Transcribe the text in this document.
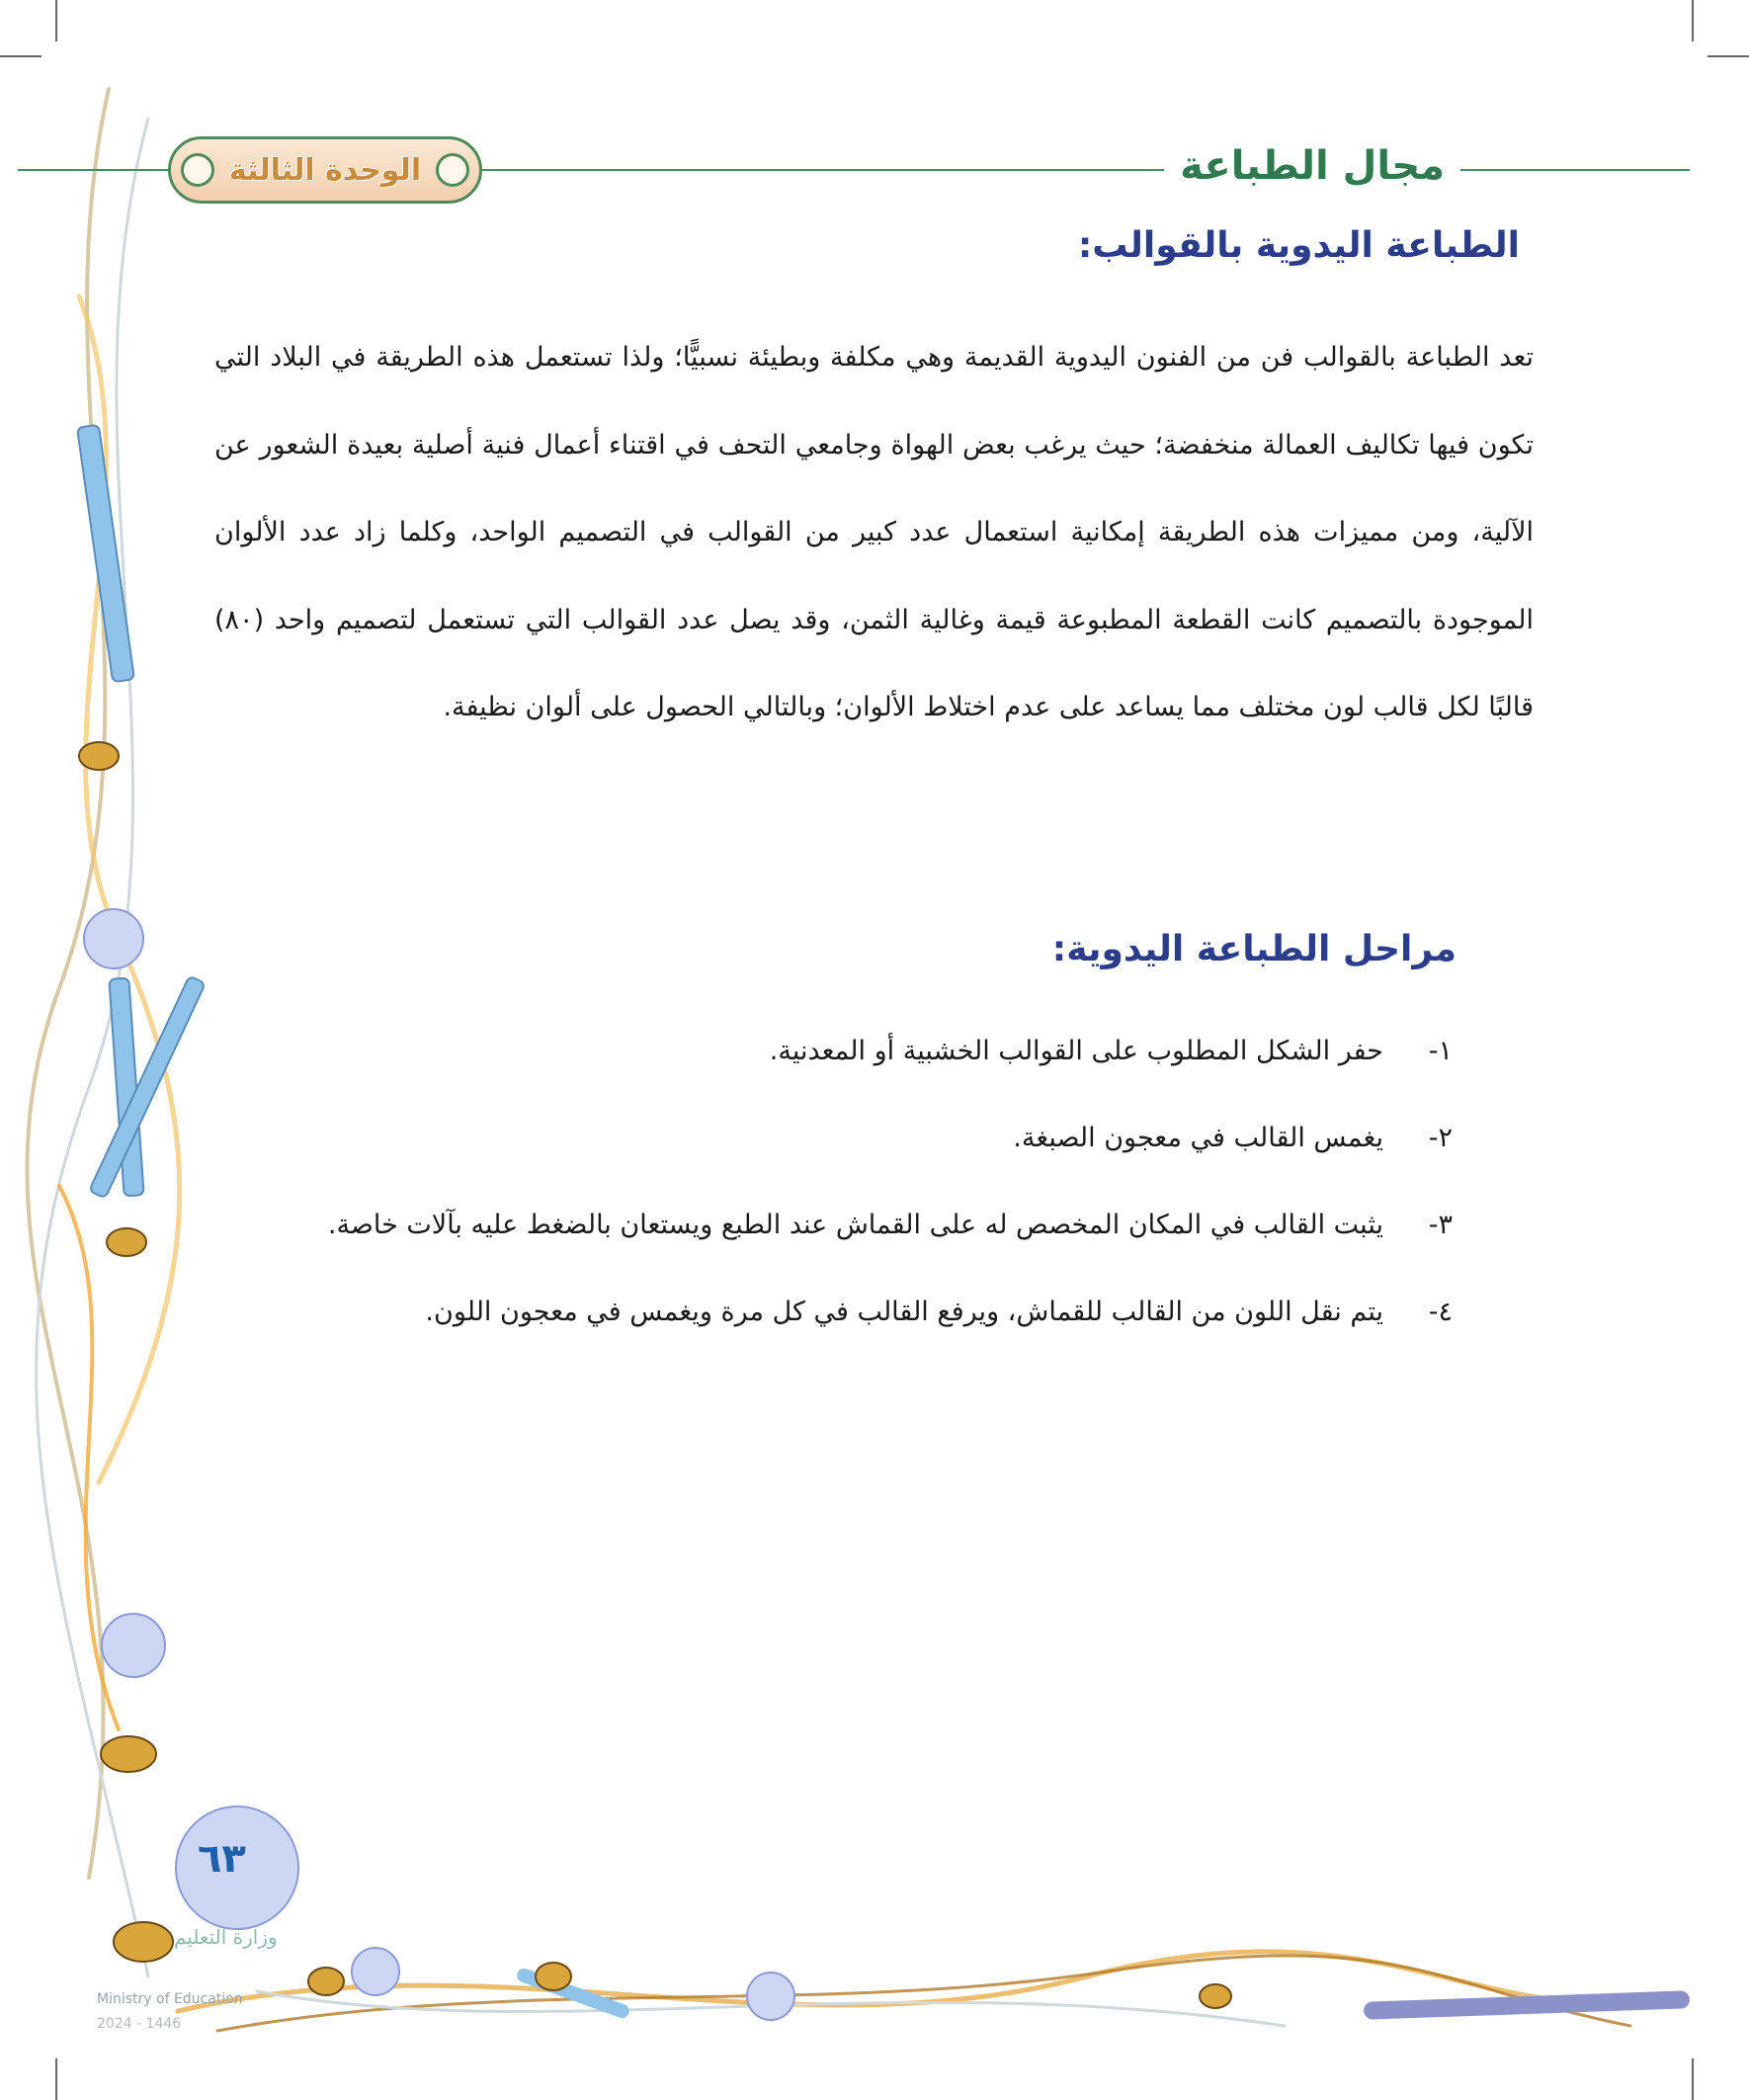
مجال الطباعة
الوحدة الثالثة
الطباعة اليدوية بالقوالب:

تعد الطباعة بالقوالب فن من الفنون اليدوية القديمة وهي مكلفة وبطيئة نسبيًّا؛ ولذا تستعمل هذه الطريقة في البلاد التي تكون فيها تكاليف العمالة منخفضة؛ حيث يرغب بعض الهواة وجامعي التحف في اقتناء أعمال فنية أصلية بعيدة الشعور عن الآلية، ومن مميزات هذه الطريقة إمكانية استعمال عدد كبير من القوالب في التصميم الواحد، وكلما زاد عدد الألوان الموجودة بالتصميم كانت القطعة المطبوعة قيمة وغالية الثمن، وقد يصل عدد القوالب التي تستعمل لتصميم واحد (٨٠) قالبًا لكل قالب لون مختلف مما يساعد على عدم اختلاط الألوان؛ وبالتالي الحصول على ألوان نظيفة.

مراحل الطباعة اليدوية:
١-
حفر الشكل المطلوب على القوالب الخشبية أو المعدنية.
٢-
يغمس القالب في معجون الصبغة.
٣-
يثبت القالب في المكان المخصص له على القماش عند الطبع ويستعان بالضغط عليه بآلات خاصة.
٤-
يتم نقل اللون من القالب للقماش، ويرفع القالب في كل مرة ويغمس في معجون اللون.
٦٣
وزارة التعليم
Ministry of Education
2024 - 1446
